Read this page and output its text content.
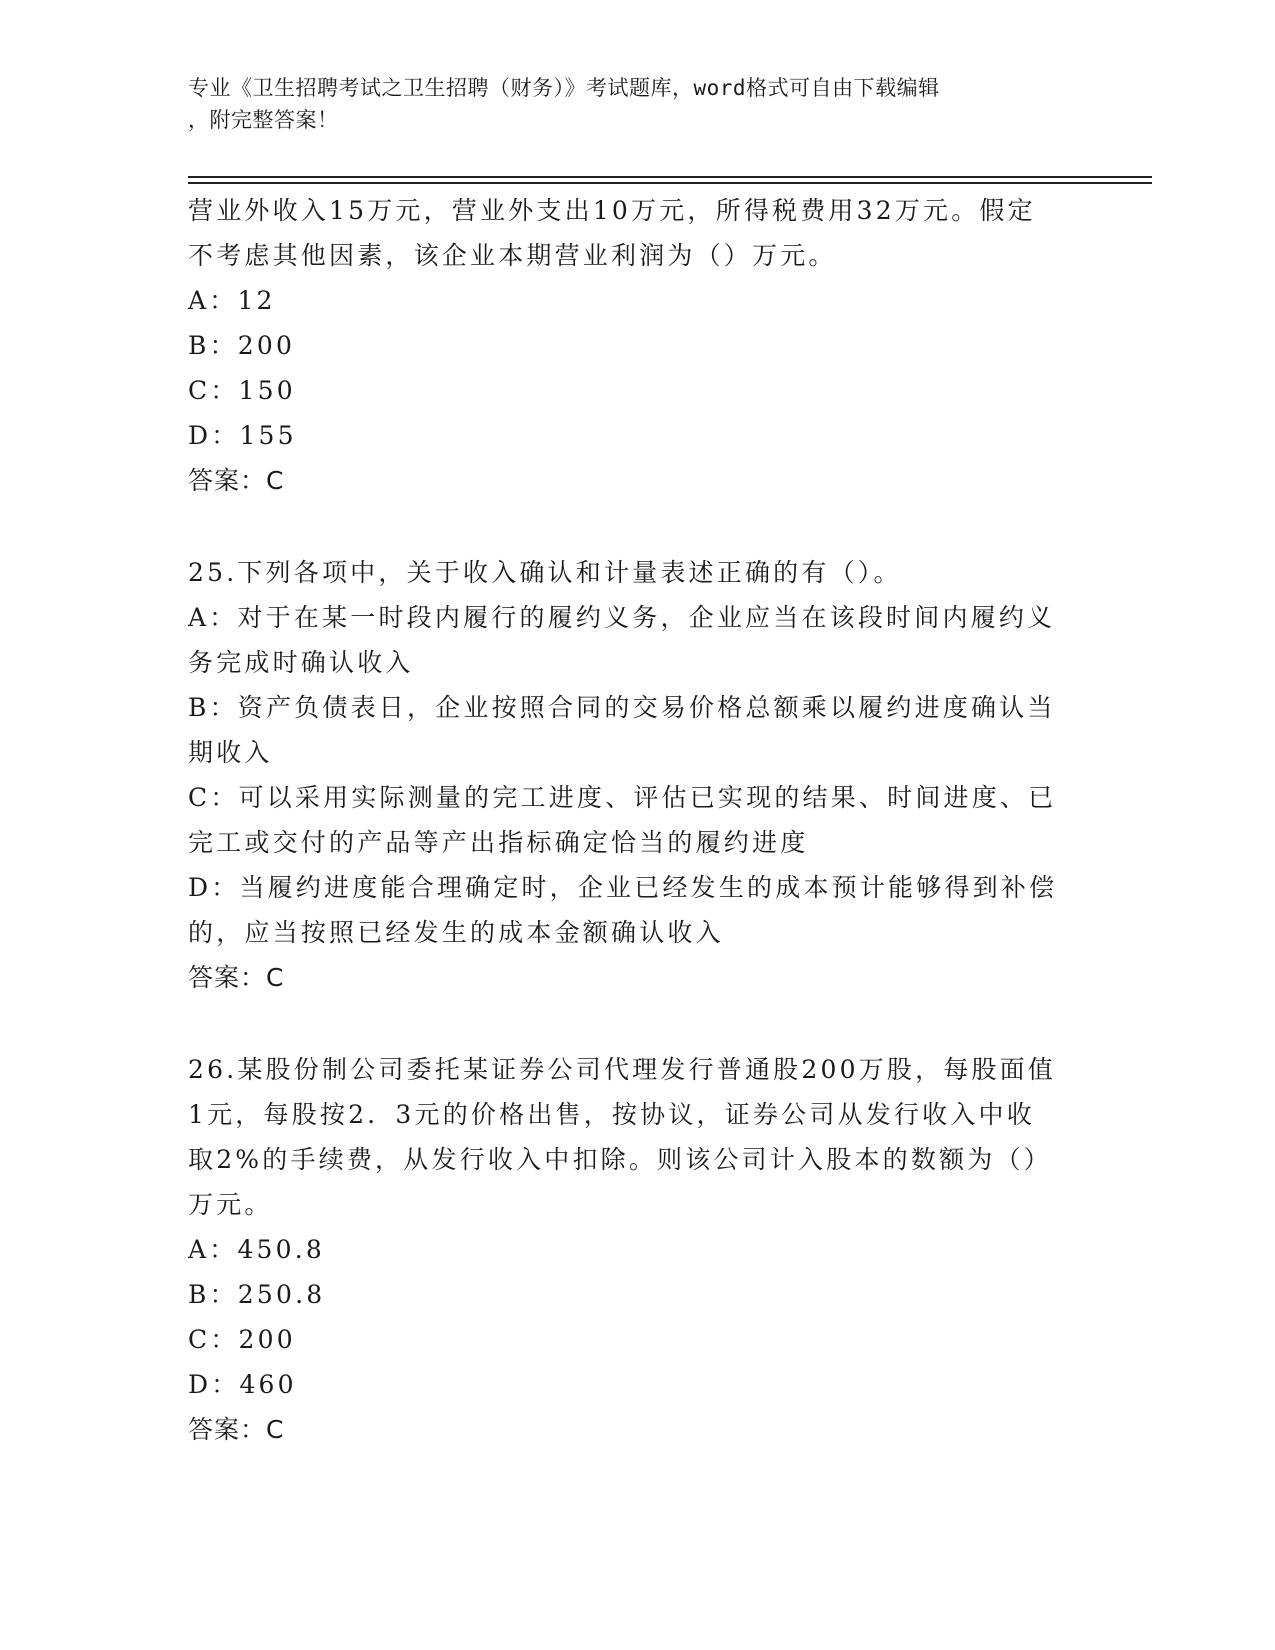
专业《卫生招聘考试之卫生招聘（财务）》考试题库，word格式可自由下载编辑
，附完整答案！

营业外收入15万元，营业外支出10万元，所得税费用32万元。假定

不考虑其他因素，该企业本期营业利润为（）万元。

A：12

B：200

C：150

D：155

答案：C

25.下列各项中，关于收入确认和计量表述正确的有（）。

A：对于在某一时段内履行的履约义务，企业应当在该段时间内履约义

务完成时确认收入

B：资产负债表日，企业按照合同的交易价格总额乘以履约进度确认当

期收入

C：可以采用实际测量的完工进度、评估已实现的结果、时间进度、已

完工或交付的产品等产出指标确定恰当的履约进度

D：当履约进度能合理确定时，企业已经发生的成本预计能够得到补偿

的，应当按照已经发生的成本金额确认收入

答案：C

26.某股份制公司委托某证券公司代理发行普通股200万股，每股面值

1元，每股按2．3元的价格出售，按协议，证券公司从发行收入中收

取2%的手续费，从发行收入中扣除。则该公司计入股本的数额为（）

万元。

A：450.8

B：250.8

C：200

D：460

答案：C
